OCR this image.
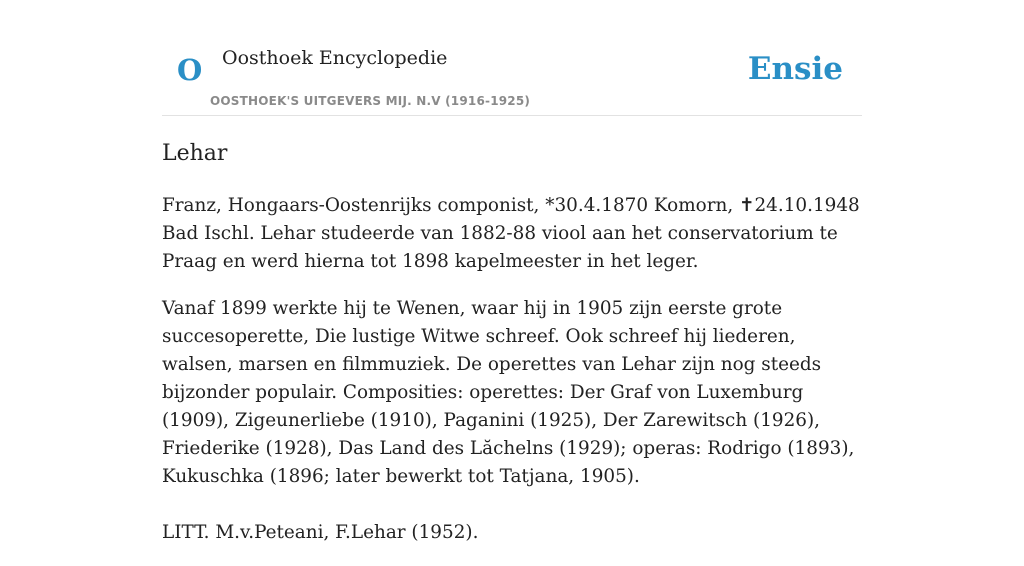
O Oosthoek Encyclopedie
OOSTHOEK'S UITGEVERS MIJ. N.V (1916-1925)
Ensie
Lehar

Franz, Hongaars-Oostenrijks componist, *30.4.1870 Komorn, ✝24.10.1948 Bad Ischl. Lehar studeerde van 1882-88 viool aan het conservatorium te Praag en werd hierna tot 1898 kapelmeester in het leger.

Vanaf 1899 werkte hij te Wenen, waar hij in 1905 zijn eerste grote succesoperette, Die lustige Witwe schreef. Ook schreef hij liederen, walsen, marsen en filmmuziek. De operettes van Lehar zijn nog steeds bijzonder populair. Composities: operettes: Der Graf von Luxemburg (1909), Zigeunerliebe (1910), Paganini (1925), Der Zarewitsch (1926), Friederike (1928), Das Land des Lăchelns (1929); operas: Rodrigo (1893), Kukuschka (1896; later bewerkt tot Tatjana, 1905).

LITT. M.v.Peteani, F.Lehar (1952).
